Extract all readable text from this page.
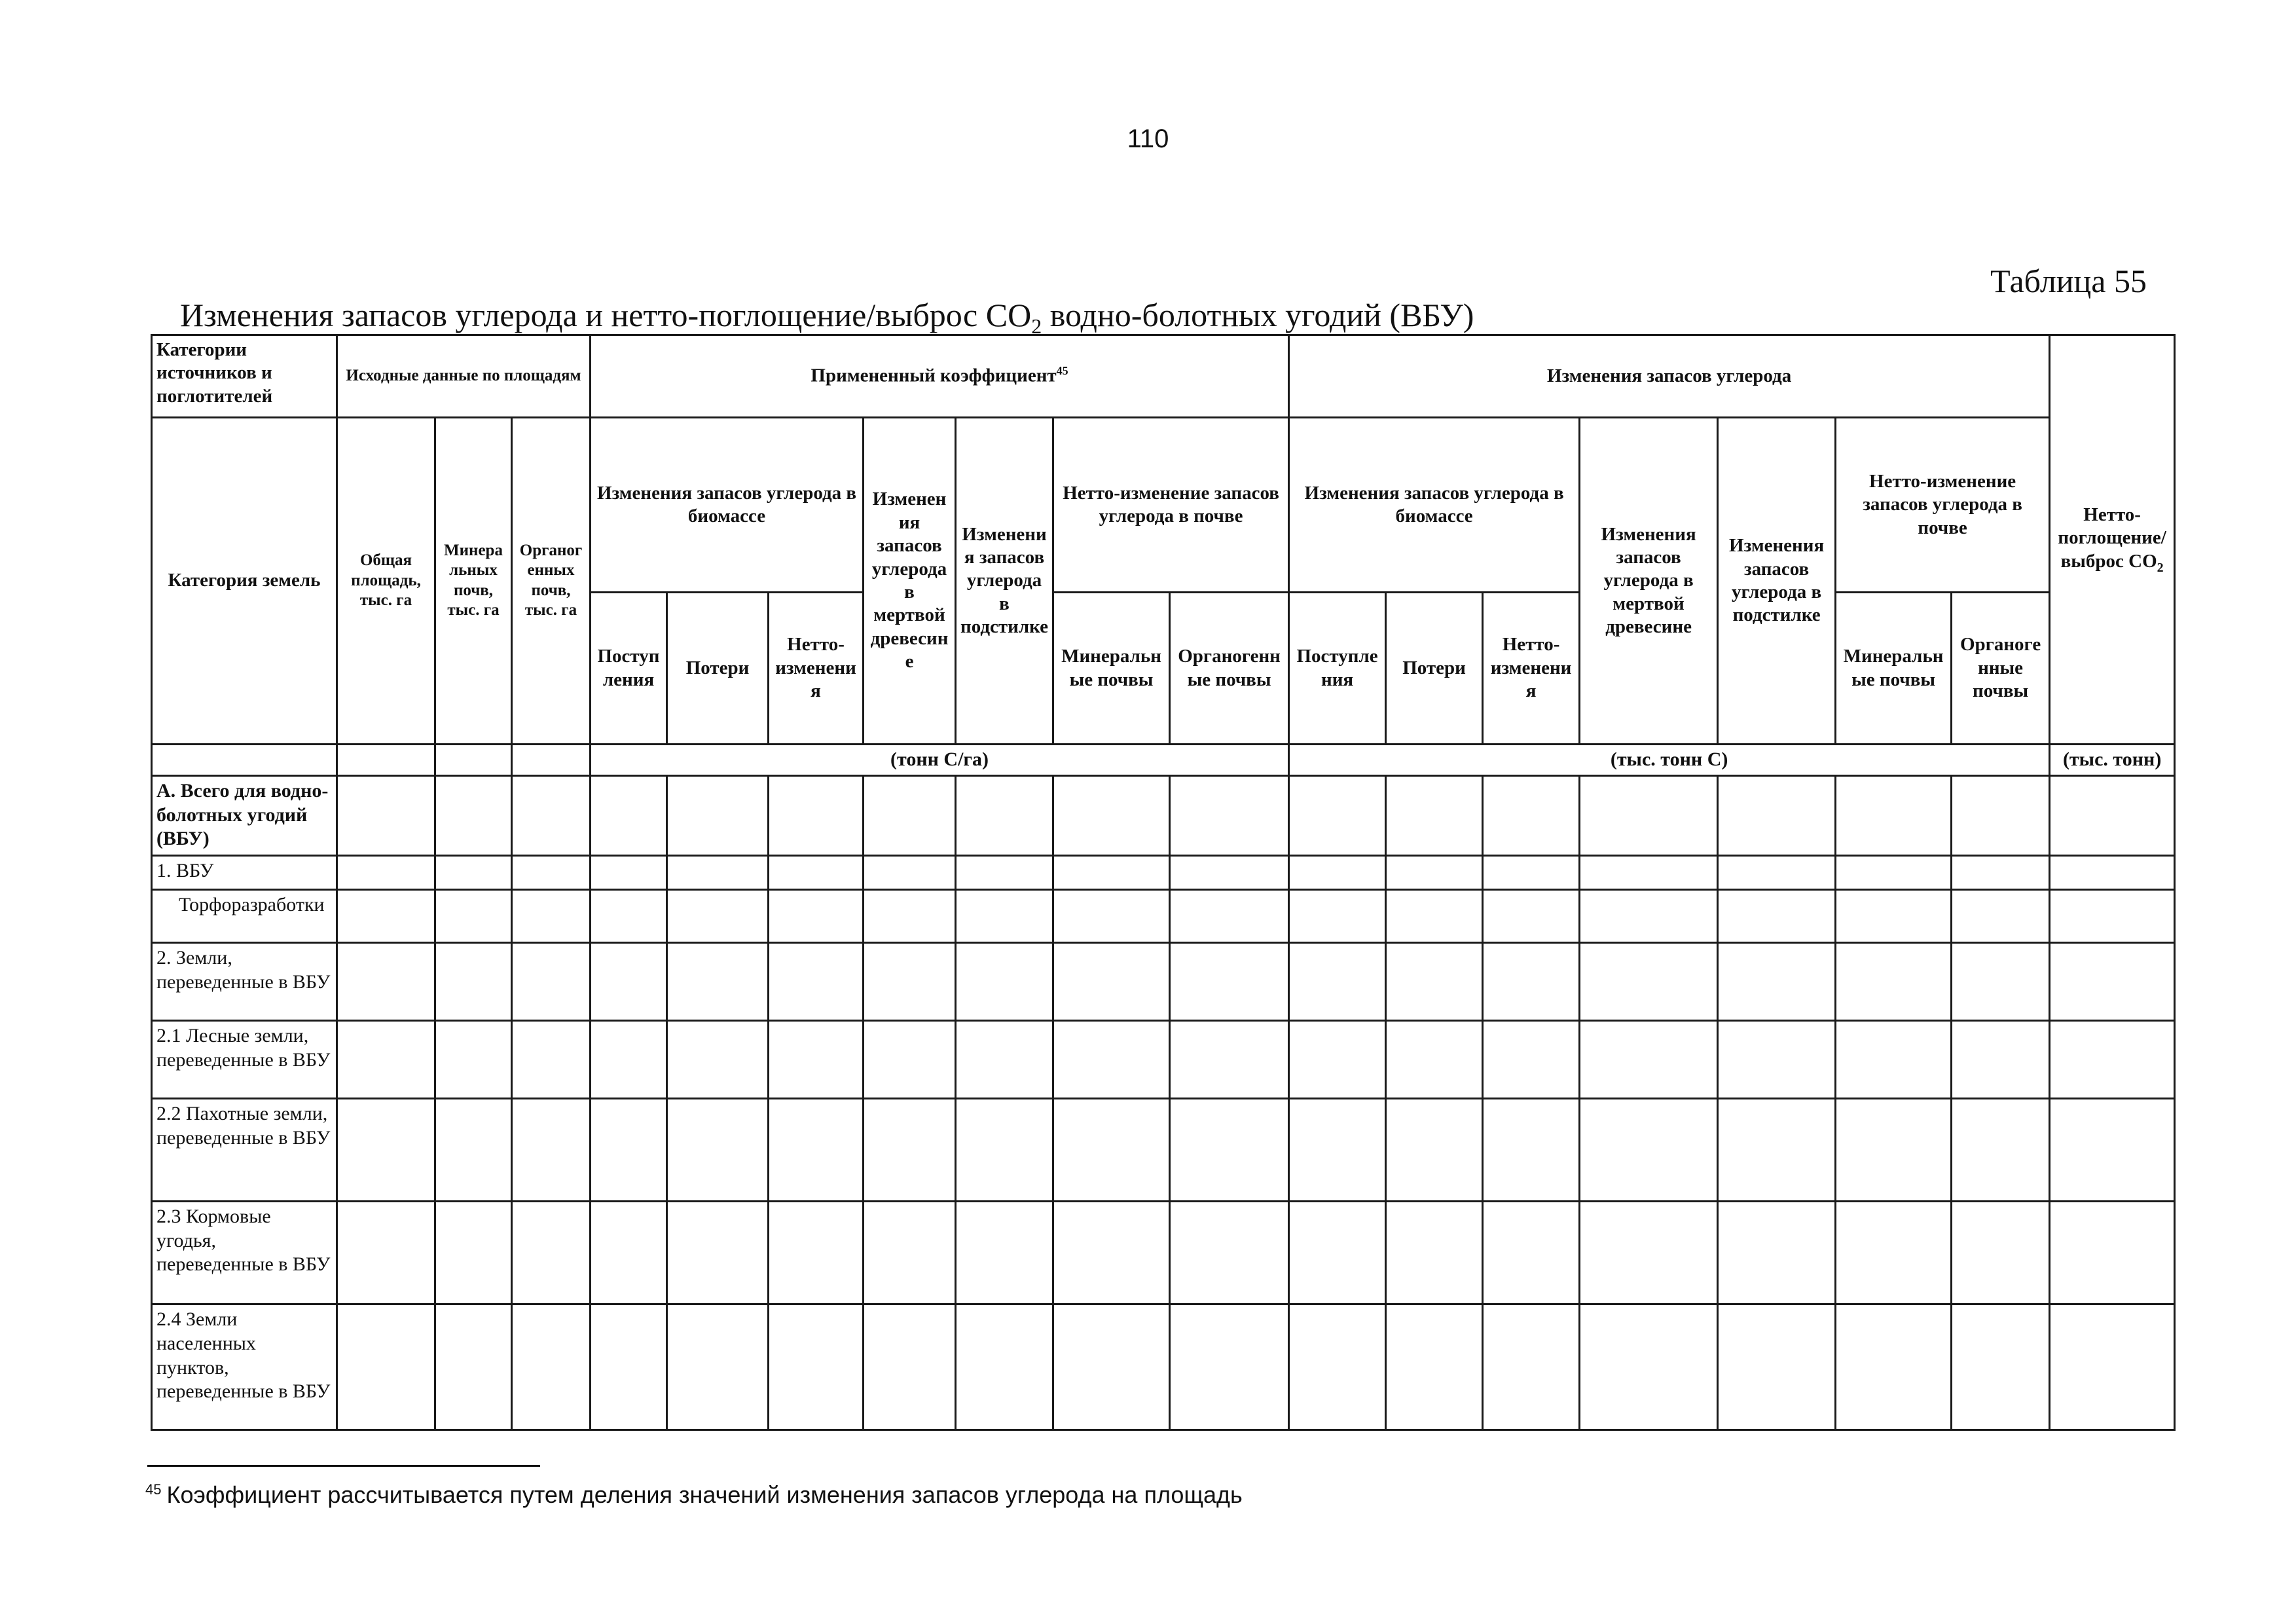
110
Таблица 55
Изменения запасов углерода и нетто-поглощение/выброс $CO_2$ водно-болотных угодий (ВБУ)
Категории источников и поглотителей	Исходные данные по площадям			Примененный коэффициент$^{45}$							Изменения запасов углерода							Нетто-поглощение/выброс $CO_2$
Категория земель	Общая площадь, тыс. га	Минеральных почв, тыс. га	Органогенных почв, тыс. га	Изменения запасов углерода в биомассе			Изменения запасов углерода в мертвой древесине	Изменения запасов углерода в подстилке	Нетто-изменение запасов углерода в почве		Изменения запасов углерода в биомассе			Изменения запасов углерода в мертвой древесине	Изменения запасов углерода в подстилке	Нетто-изменение запасов углерода в почве		
				Поступления	Потери	Нетто-изменения			Минеральные почвы	Органогенные почвы	Поступления	Потери	Нетто-изменения			Минеральные почвы	Органогенные почвы	
				(тонн С/га)							(тыс. тонн С)							(тыс. тонн)
А. Всего для водно-болотных угодий (ВБУ)																		
1. ВБУ																		
Торфоразработки																		
2. Земли, переведенные в ВБУ																		
2.1 Лесные земли, переведенные в ВБУ																		
2.2 Пахотные земли, переведенные в ВБУ																		
2.3 Кормовые угодья, переведенные в ВБУ																		
2.4 Земли населенных пунктов, переведенные в ВБУ																		
$^{45}$ Коэффициент рассчитывается путем деления значений изменения запасов углерода на площадь
